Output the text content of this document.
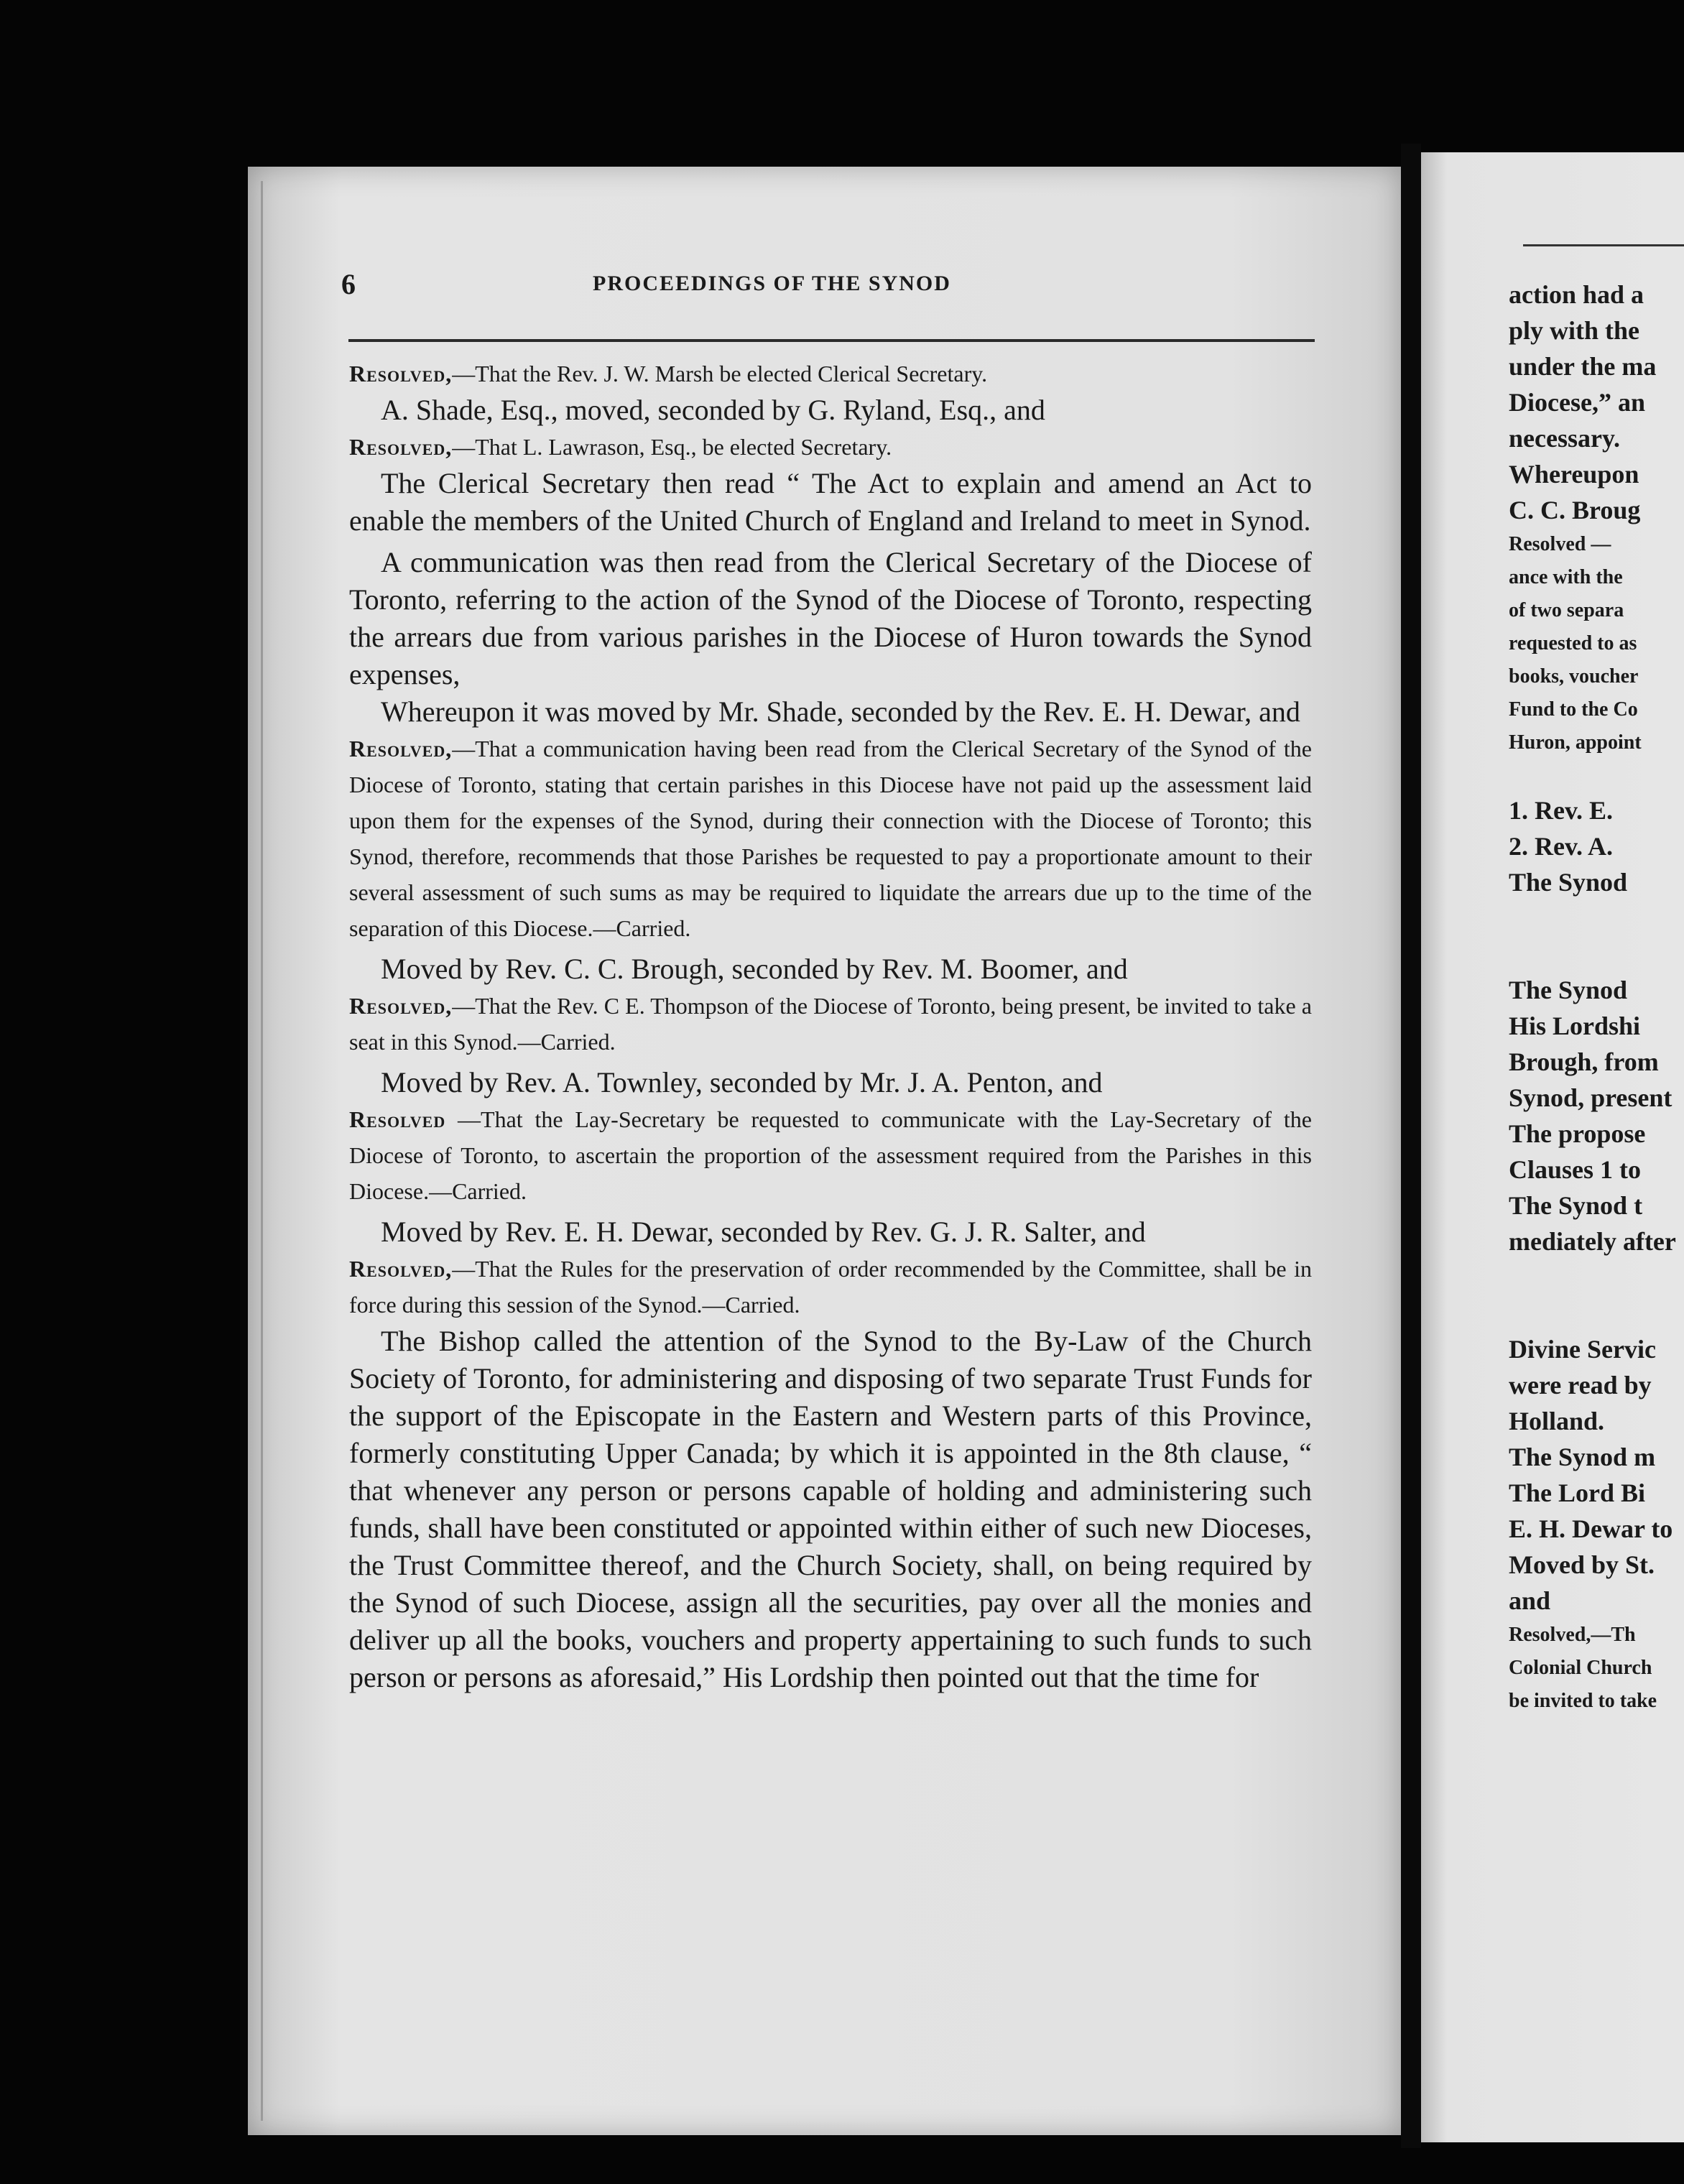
6	PROCEEDINGS OF THE SYNOD

Resolved,—That the Rev. J. W. Marsh be elected Clerical Secretary.

A. Shade, Esq., moved, seconded by G. Ryland, Esq., and

Resolved,—That L. Lawrason, Esq., be elected Secretary.

The Clerical Secretary then read “ The Act to explain and amend an Act to enable the members of the United Church of England and Ireland to meet in Synod.

A communication was then read from the Clerical Secretary of the Diocese of Toronto, referring to the action of the Synod of the Diocese of Toronto, respecting the arrears due from various parishes in the Diocese of Huron towards the Synod expenses,

Whereupon it was moved by Mr. Shade, seconded by the Rev. E. H. Dewar, and

Resolved,—That a communication having been read from the Clerical Secretary of the Synod of the Diocese of Toronto, stating that certain parishes in this Diocese have not paid up the assessment laid upon them for the expenses of the Synod, during their connection with the Diocese of Toronto; this Synod, therefore, recommends that those Parishes be requested to pay a proportionate amount to their several assessment of such sums as may be required to liquidate the arrears due up to the time of the separation of this Diocese.—Carried.

Moved by Rev. C. C. Brough, seconded by Rev. M. Boomer, and

Resolved,—That the Rev. C E. Thompson of the Diocese of Toronto, being present, be invited to take a seat in this Synod.—Carried.

Moved by Rev. A. Townley, seconded by Mr. J. A. Penton, and

Resolved —That the Lay-Secretary be requested to communicate with the Lay-Secretary of the Diocese of Toronto, to ascertain the proportion of the assessment required from the Parishes in this Diocese.—Carried.

Moved by Rev. E. H. Dewar, seconded by Rev. G. J. R. Salter, and

Resolved,—That the Rules for the preservation of order recommended by the Committee, shall be in force during this session of the Synod.—Carried.

The Bishop called the attention of the Synod to the By-Law of the Church Society of Toronto, for administering and disposing of two separate Trust Funds for the support of the Episcopate in the Eastern and Western parts of this Province, formerly constituting Upper Canada; by which it is appointed in the 8th clause, “ that whenever any person or persons capable of holding and administering such funds, shall have been constituted or appointed within either of such new Dioceses, the Trust Committee thereof, and the Church Society, shall, on being required by the Synod of such Diocese, assign all the securities, pay over all the monies and deliver up all the books, vouchers and property appertaining to such funds to such person or persons as aforesaid,” His Lordship then pointed out that the time for

action had a

ply with the

under the ma

Diocese,” an

necessary.

Whereupon

C. C. Broug

Resolved —

ance with the

of two separa

requested to as

books, voucher

Fund to the Co

Huron, appoint

1. Rev. E.

2. Rev. A.

The Synod

The Synod

His Lordshi

Brough, from

Synod, present

The propose

Clauses 1 to

The Synod t

mediately after

Divine Servic

were read by

Holland.

The Synod m

The Lord Bi

E. H. Dewar to

Moved by St.

and

Resolved,—Th

Colonial Church

be invited to take
